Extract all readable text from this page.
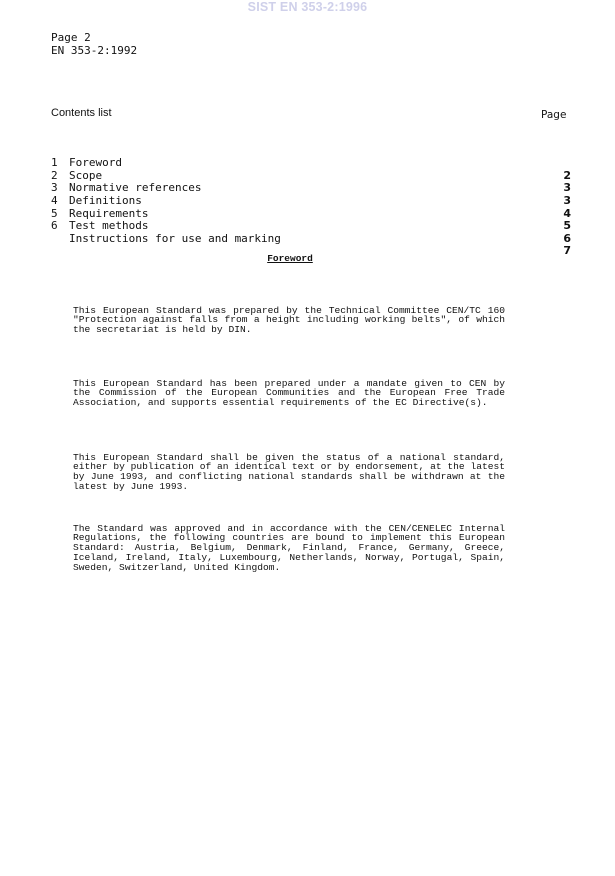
SIST EN 353-2:1996
Page 2
EN 353-2:1992
Contents list	Page

Foreword

2

1

Scope

3

2

Normative references

3

3

Definitions

4

4

Requirements

5

5

Test methods

6

6

Instructions for use and marking

7

Foreword

This European Standard was prepared by the Technical Committee CEN/TC 160 "Protection against falls from a height including working belts", of which the secretariat is held by DIN.

This European Standard has been prepared under a mandate given to CEN by the Commission of the European Communities and the European Free Trade Association, and supports essential requirements of the EC Directive(s).

This European Standard shall be given the status of a national standard, either by publication of an identical text or by endorsement, at the latest by June 1993, and conflicting national standards shall be withdrawn at the latest by June 1993.

The Standard was approved and in accordance with the CEN/CENELEC Internal Regulations, the following countries are bound to implement this European Standard: Austria, Belgium, Denmark, Finland, France, Germany, Greece, Iceland, Ireland, Italy, Luxembourg, Netherlands, Norway, Portugal, Spain, Sweden, Switzerland, United Kingdom.
